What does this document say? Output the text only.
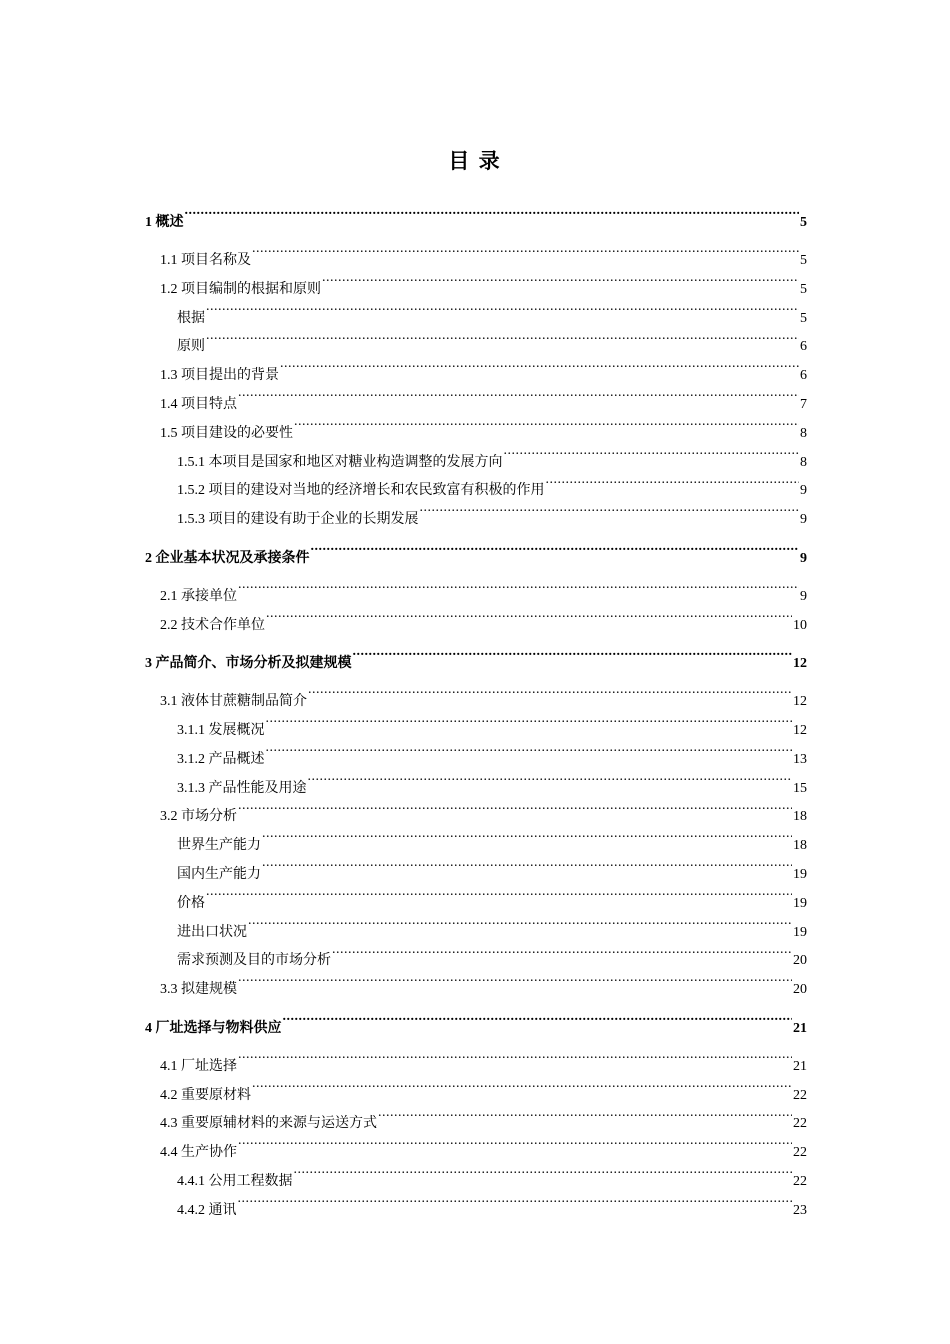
目 录
1 概述 .....	5
1.1 项目名称及 .....	5
1.2 项目编制的根据和原则 .....	5
根据 .....	5
原则 .....	6
1.3 项目提出的背景 .....	6
1.4 项目特点 .....	7
1.5 项目建设的必要性 .....	8
1.5.1 本项目是国家和地区对糖业构造调整的发展方向 .....	8
1.5.2 项目的建设对当地的经济增长和农民致富有积极的作用 .....	9
1.5.3 项目的建设有助于企业的长期发展 .....	9
2 企业基本状况及承接条件 .....	9
2.1 承接单位 .....	9
2.2 技术合作单位 .....	10
3 产品简介、市场分析及拟建规模 .....	12
3.1 液体甘蔗糖制品简介 .....	12
3.1.1 发展概况 .....	12
3.1.2 产品概述 .....	13
3.1.3 产品性能及用途 .....	15
3.2 市场分析 .....	18
世界生产能力 .....	18
国内生产能力 .....	19
价格 .....	19
进出口状况 .....	19
需求预测及目的市场分析 .....	20
3.3 拟建规模 .....	20
4 厂址选择与物料供应 .....	21
4.1 厂址选择 .....	21
4.2 重要原材料 .....	22
4.3 重要原辅材料的来源与运送方式 .....	22
4.4 生产协作 .....	22
4.4.1 公用工程数据 .....	22
4.4.2 通讯 .....	23
